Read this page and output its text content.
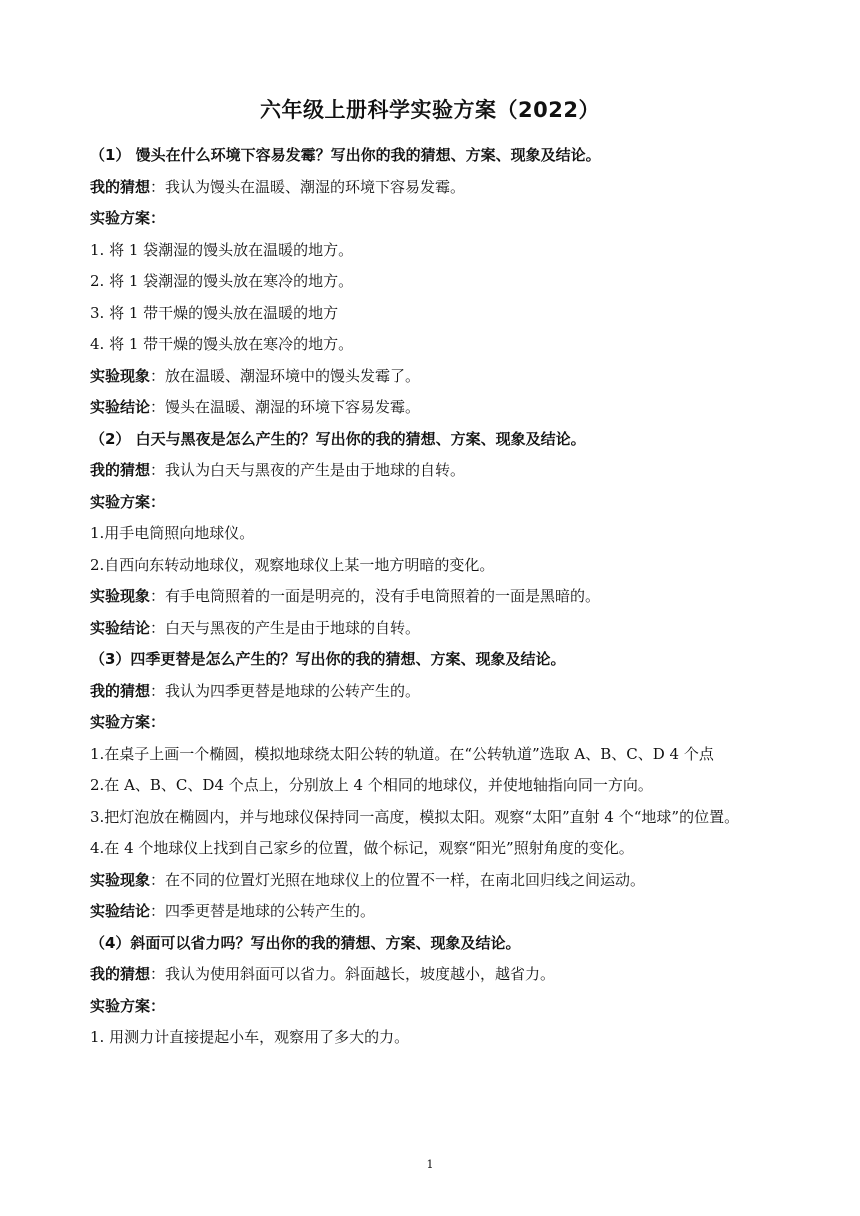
六年级上册科学实验方案（2022）
（1） 馒头在什么环境下容易发霉？写出你的我的猜想、方案、现象及结论。
我的猜想：我认为馒头在温暖、潮湿的环境下容易发霉。
实验方案：
1. 将 1 袋潮湿的馒头放在温暖的地方。
2. 将 1 袋潮湿的馒头放在寒冷的地方。
3. 将 1 带干燥的馒头放在温暖的地方
4. 将 1 带干燥的馒头放在寒冷的地方。
实验现象：放在温暖、潮湿环境中的馒头发霉了。
实验结论：馒头在温暖、潮湿的环境下容易发霉。
（2） 白天与黑夜是怎么产生的？写出你的我的猜想、方案、现象及结论。
我的猜想：我认为白天与黑夜的产生是由于地球的自转。
实验方案：
1.用手电筒照向地球仪。
2.自西向东转动地球仪，观察地球仪上某一地方明暗的变化。
实验现象：有手电筒照着的一面是明亮的，没有手电筒照着的一面是黑暗的。
实验结论：白天与黑夜的产生是由于地球的自转。
（3）四季更替是怎么产生的？写出你的我的猜想、方案、现象及结论。
我的猜想：我认为四季更替是地球的公转产生的。
实验方案：
1.在桌子上画一个椭圆，模拟地球绕太阳公转的轨道。在“公转轨道”选取 A、B、C、D 4 个点
2.在 A、B、C、D4 个点上，分别放上 4 个相同的地球仪，并使地轴指向同一方向。
3.把灯泡放在椭圆内，并与地球仪保持同一高度，模拟太阳。观察“太阳”直射 4 个“地球”的位置。
4.在 4 个地球仪上找到自己家乡的位置，做个标记，观察“阳光”照射角度的变化。
实验现象：在不同的位置灯光照在地球仪上的位置不一样，在南北回归线之间运动。
实验结论：四季更替是地球的公转产生的。
（4）斜面可以省力吗？写出你的我的猜想、方案、现象及结论。
我的猜想：我认为使用斜面可以省力。斜面越长，坡度越小，越省力。
实验方案：
1. 用测力计直接提起小车，观察用了多大的力。
1
